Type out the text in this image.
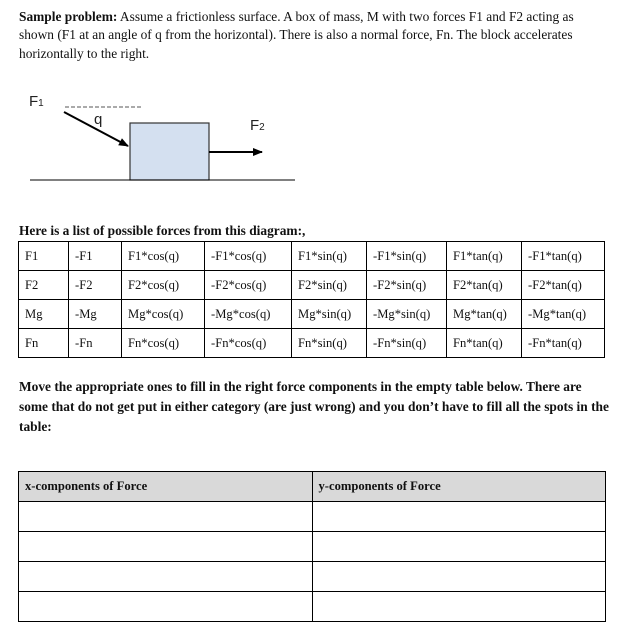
Sample problem: Assume a frictionless surface. A box of mass, M with two forces F1 and F2 acting as shown (F1 at an angle of q from the horizontal). There is also a normal force, Fn. The block accelerates horizontally to the right.
F1
q	F2
Here is a list of possible forces from this diagram:,
F1	-F1	F1*cos(q)	-F1*cos(q)	F1*sin(q)	-F1*sin(q)	F1*tan(q)	-F1*tan(q)
F2	-F2	F2*cos(q)	-F2*cos(q)	F2*sin(q)	-F2*sin(q)	F2*tan(q)	-F2*tan(q)
Mg	-Mg	Mg*cos(q)	-Mg*cos(q)	Mg*sin(q)	-Mg*sin(q)	Mg*tan(q)	-Mg*tan(q)
Fn	-Fn	Fn*cos(q)	-Fn*cos(q)	Fn*sin(q)	-Fn*sin(q)	Fn*tan(q)	-Fn*tan(q)
Move the appropriate ones to fill in the right force components in the empty table below. There are some that do not get put in either category (are just wrong) and you don’t have to fill all the spots in the table:
x-components of Force	y-components of Force
